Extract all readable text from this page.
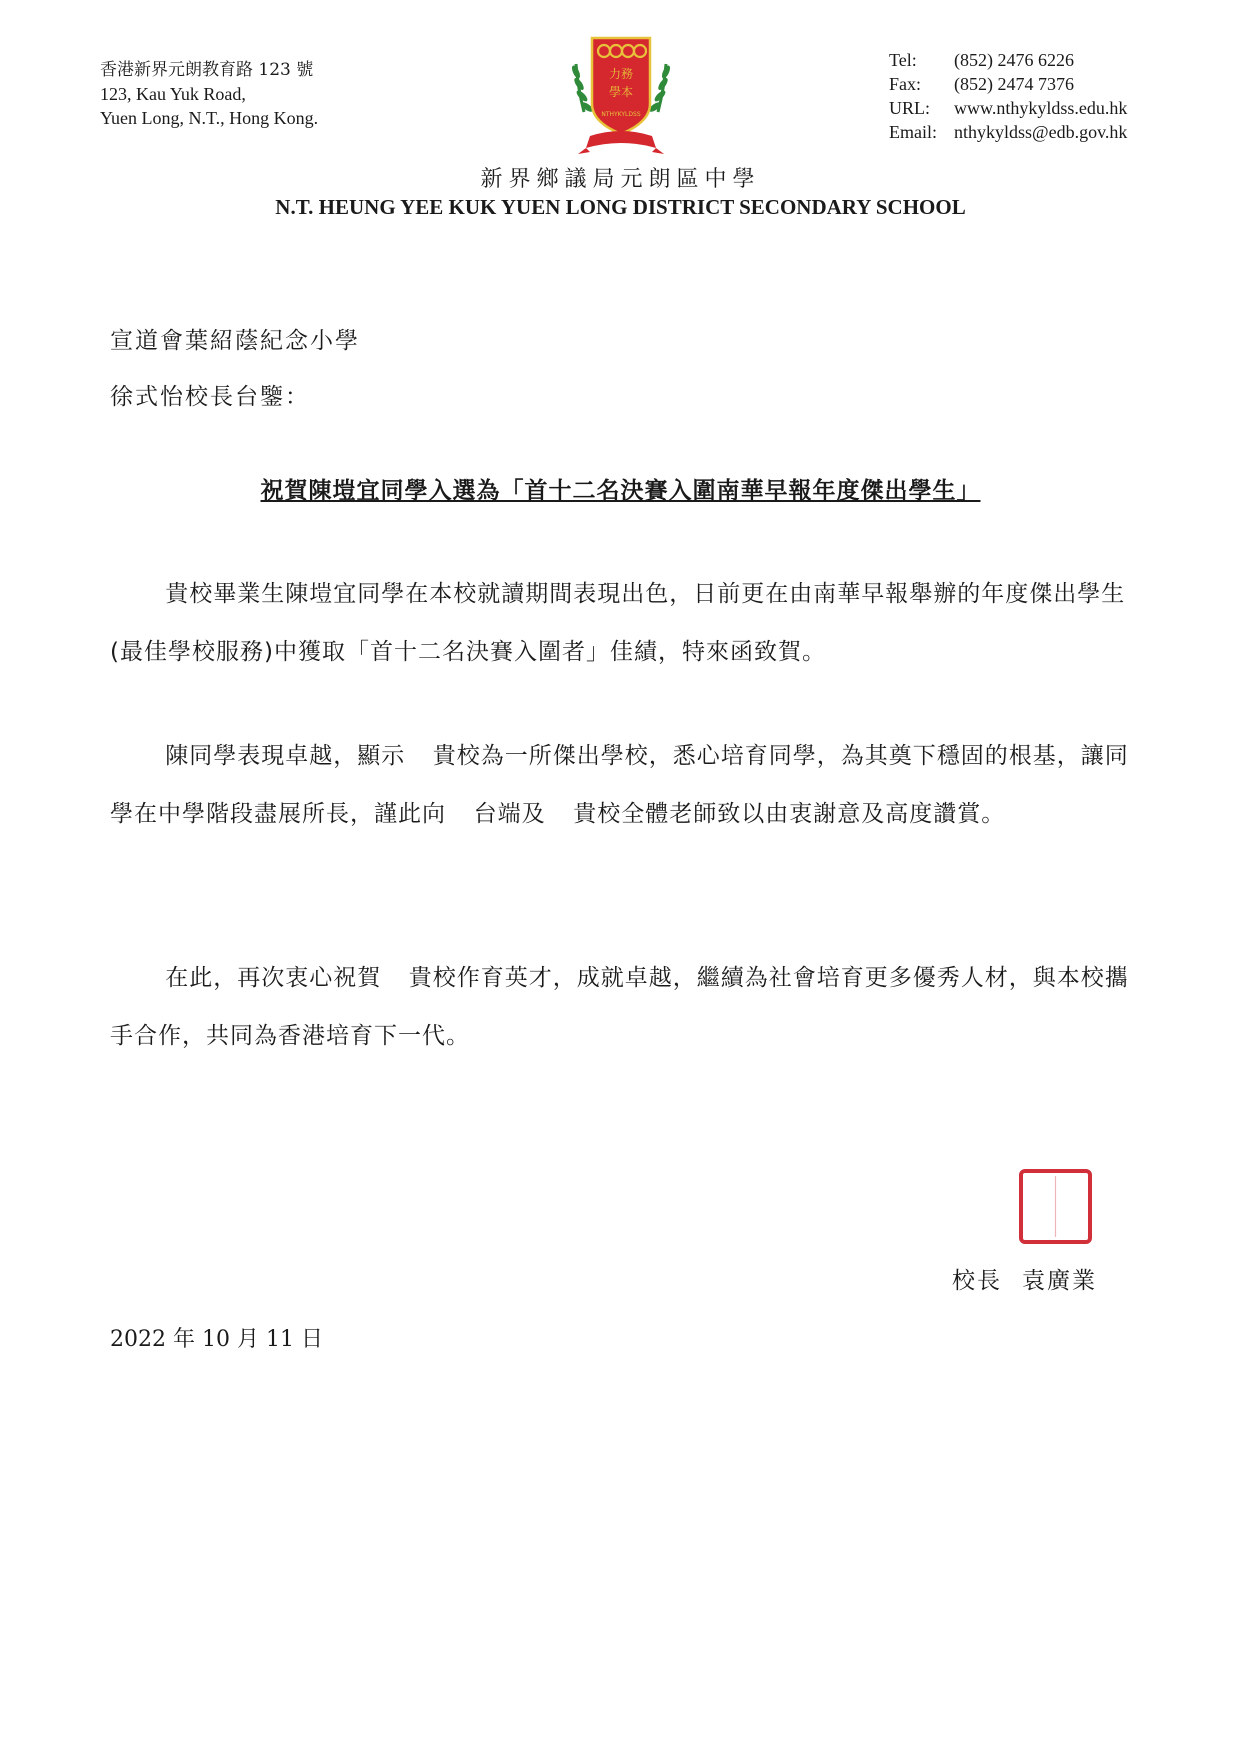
香港新界元朗教育路 123 號
123, Kau Yuk Road,
Yuen Long, N.T., Hong Kong.
力務
學本
NTHYKYLDSS
Tel:	(852) 2476 6226
Fax:	(852) 2474 7376
URL:	www.nthykyldss.edu.hk
Email: nthykyldss@edb.gov.hk
新界鄉議局元朗區中學
N.T. HEUNG YEE KUK YUEN LONG DISTRICT SECONDARY SCHOOL
宣道會葉紹蔭紀念小學
徐式怡校長台鑒：
祝賀陳塏宜同學入選為「首十二名決賽入圍南華早報年度傑出學生」

貴校畢業生陳塏宜同學在本校就讀期間表現出色，日前更在由南華早報舉辦的年度傑出學生(最佳學校服務)中獲取「首十二名決賽入圍者」佳績，特來函致賀。

陳同學表現卓越，顯示 貴校為一所傑出學校，悉心培育同學，為其奠下穩固的根基，讓同學在中學階段盡展所長，謹此向 台端及 貴校全體老師致以由衷謝意及高度讚賞。

在此，再次衷心祝賀 貴校作育英才，成就卓越，繼續為社會培育更多優秀人材，與本校攜手合作，共同為香港培育下一代。

校長 袁廣業
2022 年 10 月 11 日
